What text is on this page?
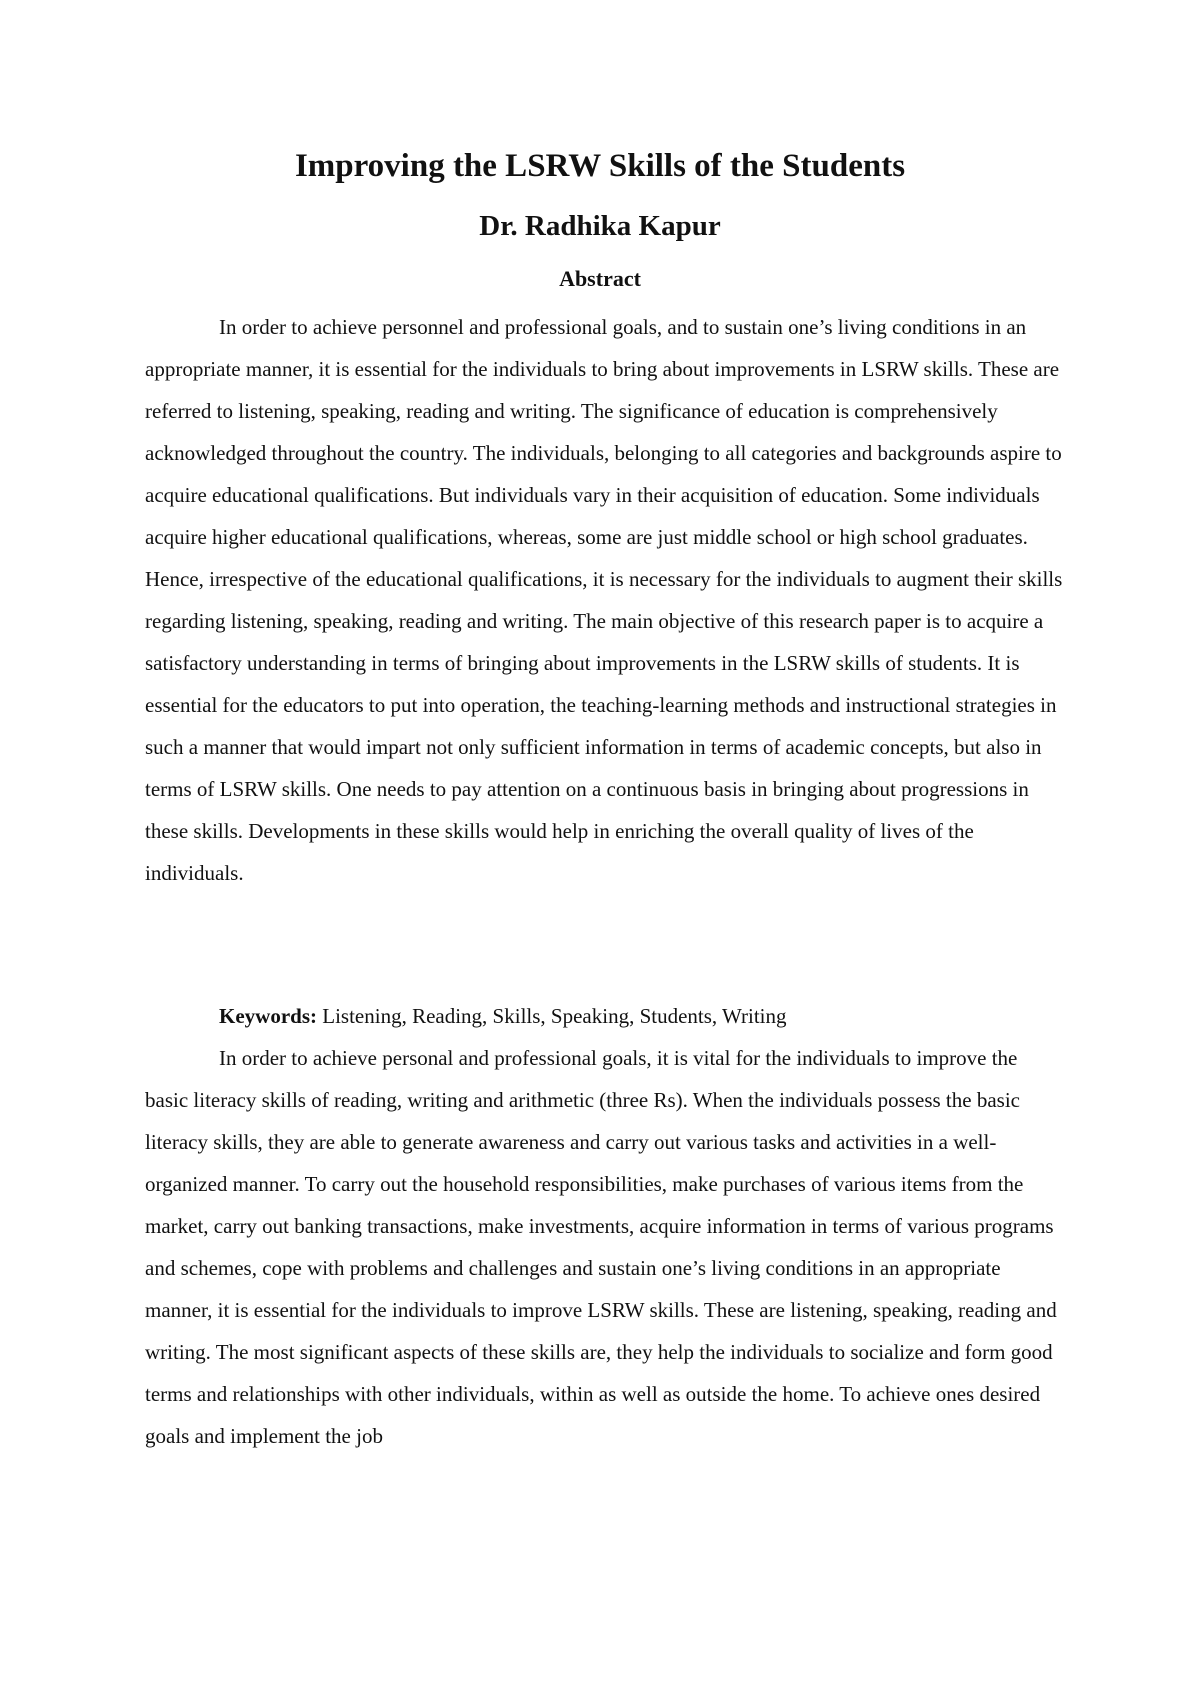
Improving the LSRW Skills of the Students
Dr. Radhika Kapur
Abstract

In order to achieve personnel and professional goals, and to sustain one’s living conditions in an appropriate manner, it is essential for the individuals to bring about improvements in LSRW skills. These are referred to listening, speaking, reading and writing. The significance of education is comprehensively acknowledged throughout the country. The individuals, belonging to all categories and backgrounds aspire to acquire educational qualifications. But individuals vary in their acquisition of education. Some individuals acquire higher educational qualifications, whereas, some are just middle school or high school graduates. Hence, irrespective of the educational qualifications, it is necessary for the individuals to augment their skills regarding listening, speaking, reading and writing. The main objective of this research paper is to acquire a satisfactory understanding in terms of bringing about improvements in the LSRW skills of students. It is essential for the educators to put into operation, the teaching-learning methods and instructional strategies in such a manner that would impart not only sufficient information in terms of academic concepts, but also in terms of LSRW skills. One needs to pay attention on a continuous basis in bringing about progressions in these skills. Developments in these skills would help in enriching the overall quality of lives of the individuals.

Keywords: Listening, Reading, Skills, Speaking, Students, Writing

In order to achieve personal and professional goals, it is vital for the individuals to improve the basic literacy skills of reading, writing and arithmetic (three Rs). When the individuals possess the basic literacy skills, they are able to generate awareness and carry out various tasks and activities in a well-organized manner. To carry out the household responsibilities, make purchases of various items from the market, carry out banking transactions, make investments, acquire information in terms of various programs and schemes, cope with problems and challenges and sustain one’s living conditions in an appropriate manner, it is essential for the individuals to improve LSRW skills. These are listening, speaking, reading and writing. The most significant aspects of these skills are, they help the individuals to socialize and form good terms and relationships with other individuals, within as well as outside the home. To achieve ones desired goals and implement the job
